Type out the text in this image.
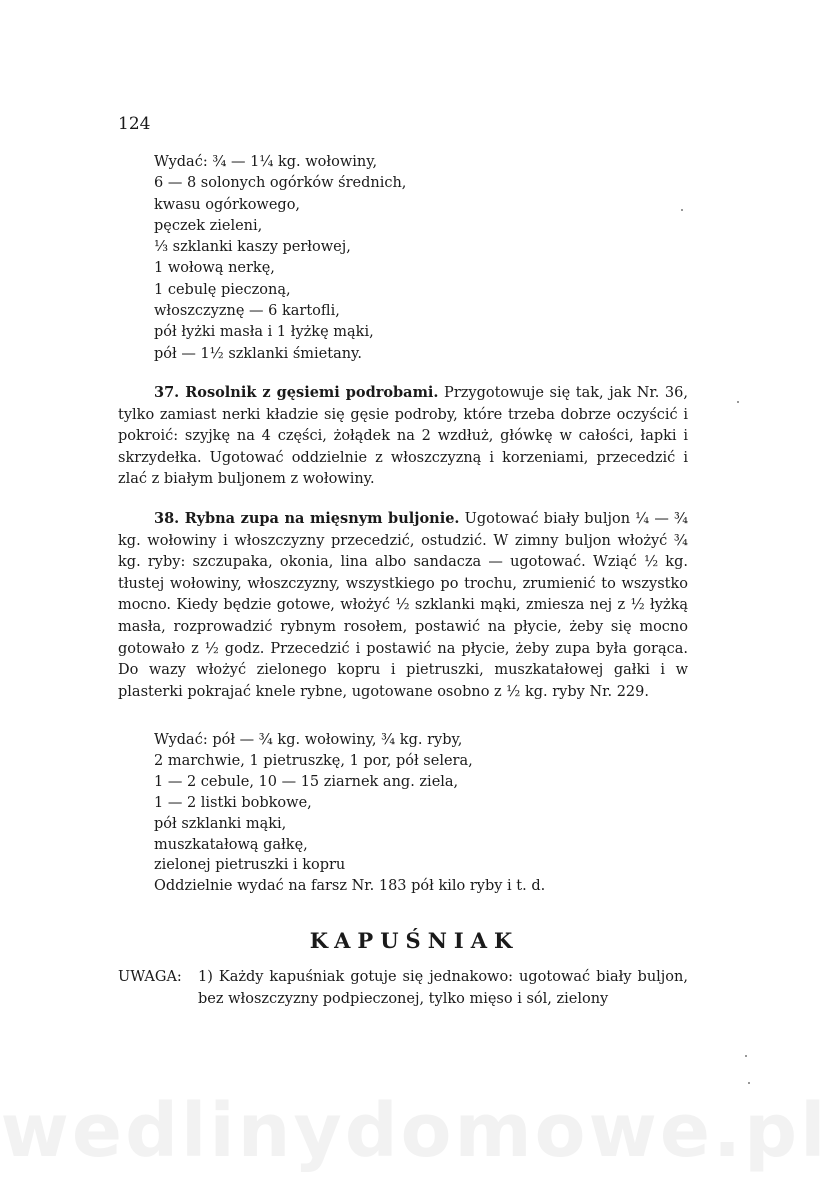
124
Wydać: ¾ — 1¼ kg. wołowiny,
6 — 8 solonych ogórków średnich,
kwasu ogórkowego,
pęczek zieleni,
⅓ szklanki kaszy perłowej,
1 wołową nerkę,
1 cebulę pieczoną,
włoszczyznę — 6 kartofli,
pół łyżki masła i 1 łyżkę mąki,
pół — 1½ szklanki śmietany.

37. Rosolnik z gęsiemi podrobami. Przygotowuje się tak, jak Nr. 36, tylko zamiast nerki kładzie się gęsie podroby, które trzeba dobrze oczyścić i pokroić: szyjkę na 4 części, żołądek na 2 wzdłuż, główkę w całości, łapki i skrzydełka. Ugotować oddzielnie z włoszczyzną i korzeniami, przecedzić i zlać z białym buljonem z wołowiny.

38. Rybna zupa na mięsnym buljonie. Ugotować biały buljon ¼ — ¾ kg. wołowiny i włoszczyzny przecedzić, ostudzić. W zimny buljon włożyć ¾ kg. ryby: szczupaka, okonia, lina albo sandacza — ugotować. Wziąć ½ kg. tłustej wołowiny, włoszczyzny, wszystkiego po trochu, zrumienić to wszystko mocno. Kiedy będzie gotowe, włożyć ½ szklanki mąki, zmiesza nej z ½ łyżką masła, rozprowadzić rybnym rosołem, postawić na płycie, żeby się mocno gotowało z ½ godz. Przecedzić i postawić na płycie, żeby zupa była gorąca. Do wazy włożyć zielonego kopru i pietruszki, muszkatałowej gałki i w plasterki pokrajać knele rybne, ugotowane osobno z ½ kg. ryby Nr. 229.

Wydać: pół — ¾ kg. wołowiny, ¾ kg. ryby,
2 marchwie, 1 pietruszkę, 1 por, pół selera,
1 — 2 cebule, 10 — 15 ziarnek ang. ziela,
1 — 2 listki bobkowe,
pół szklanki mąki,
muszkatałową gałkę,
zielonej pietruszki i kopru
Oddzielnie wydać na farsz Nr. 183 pół kilo ryby i t. d.
KAPUŚNIAK
UWAGA: 1) Każdy kapuśniak gotuje się jednakowo: ugotować biały buljon, bez włoszczyzny podpieczonej, tylko mięso i sól, zielony
wedlinydomowe.pl
